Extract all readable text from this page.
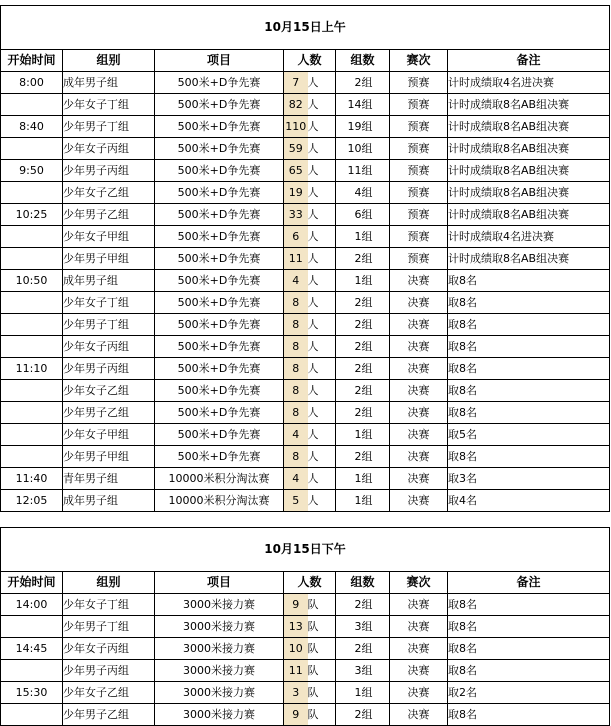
10月15日上午								
开始时间	组别	项目	人数		组数		赛次	备注
8:00	成年男子组	500米+D争先赛	7	人	2	组	预赛	计时成绩取4名进决赛
	少年女子丁组	500米+D争先赛	82	人	14	组	预赛	计时成绩取8名AB组决赛
8:40	少年男子丁组	500米+D争先赛	110	人	19	组	预赛	计时成绩取8名AB组决赛
	少年女子丙组	500米+D争先赛	59	人	10	组	预赛	计时成绩取8名AB组决赛
9:50	少年男子丙组	500米+D争先赛	65	人	11	组	预赛	计时成绩取8名AB组决赛
	少年女子乙组	500米+D争先赛	19	人	4	组	预赛	计时成绩取8名AB组决赛
10:25	少年男子乙组	500米+D争先赛	33	人	6	组	预赛	计时成绩取8名AB组决赛
	少年女子甲组	500米+D争先赛	6	人	1	组	预赛	计时成绩取4名进决赛
	少年男子甲组	500米+D争先赛	11	人	2	组	预赛	计时成绩取8名AB组决赛
10:50	成年男子组	500米+D争先赛	4	人	1	组	决赛	取8名
	少年女子丁组	500米+D争先赛	8	人	2	组	决赛	取8名
	少年男子丁组	500米+D争先赛	8	人	2	组	决赛	取8名
	少年女子丙组	500米+D争先赛	8	人	2	组	决赛	取8名
11:10	少年男子丙组	500米+D争先赛	8	人	2	组	决赛	取8名
	少年女子乙组	500米+D争先赛	8	人	2	组	决赛	取8名
	少年男子乙组	500米+D争先赛	8	人	2	组	决赛	取8名
	少年女子甲组	500米+D争先赛	4	人	1	组	决赛	取5名
	少年男子甲组	500米+D争先赛	8	人	2	组	决赛	取8名
11:40	青年男子组	10000米积分淘汰赛	4	人	1	组	决赛	取3名
12:05	成年男子组	10000米积分淘汰赛	5	人	1	组	决赛	取4名
10月15日下午								
开始时间	组别	项目	人数		组数		赛次	备注
14:00	少年女子丁组	3000米接力赛	9	队	2	组	决赛	取8名
	少年男子丁组	3000米接力赛	13	队	3	组	决赛	取8名
14:45	少年女子丙组	3000米接力赛	10	队	2	组	决赛	取8名
	少年男子丙组	3000米接力赛	11	队	3	组	决赛	取8名
15:30	少年女子乙组	3000米接力赛	3	队	1	组	决赛	取2名
	少年男子乙组	3000米接力赛	9	队	2	组	决赛	取8名
